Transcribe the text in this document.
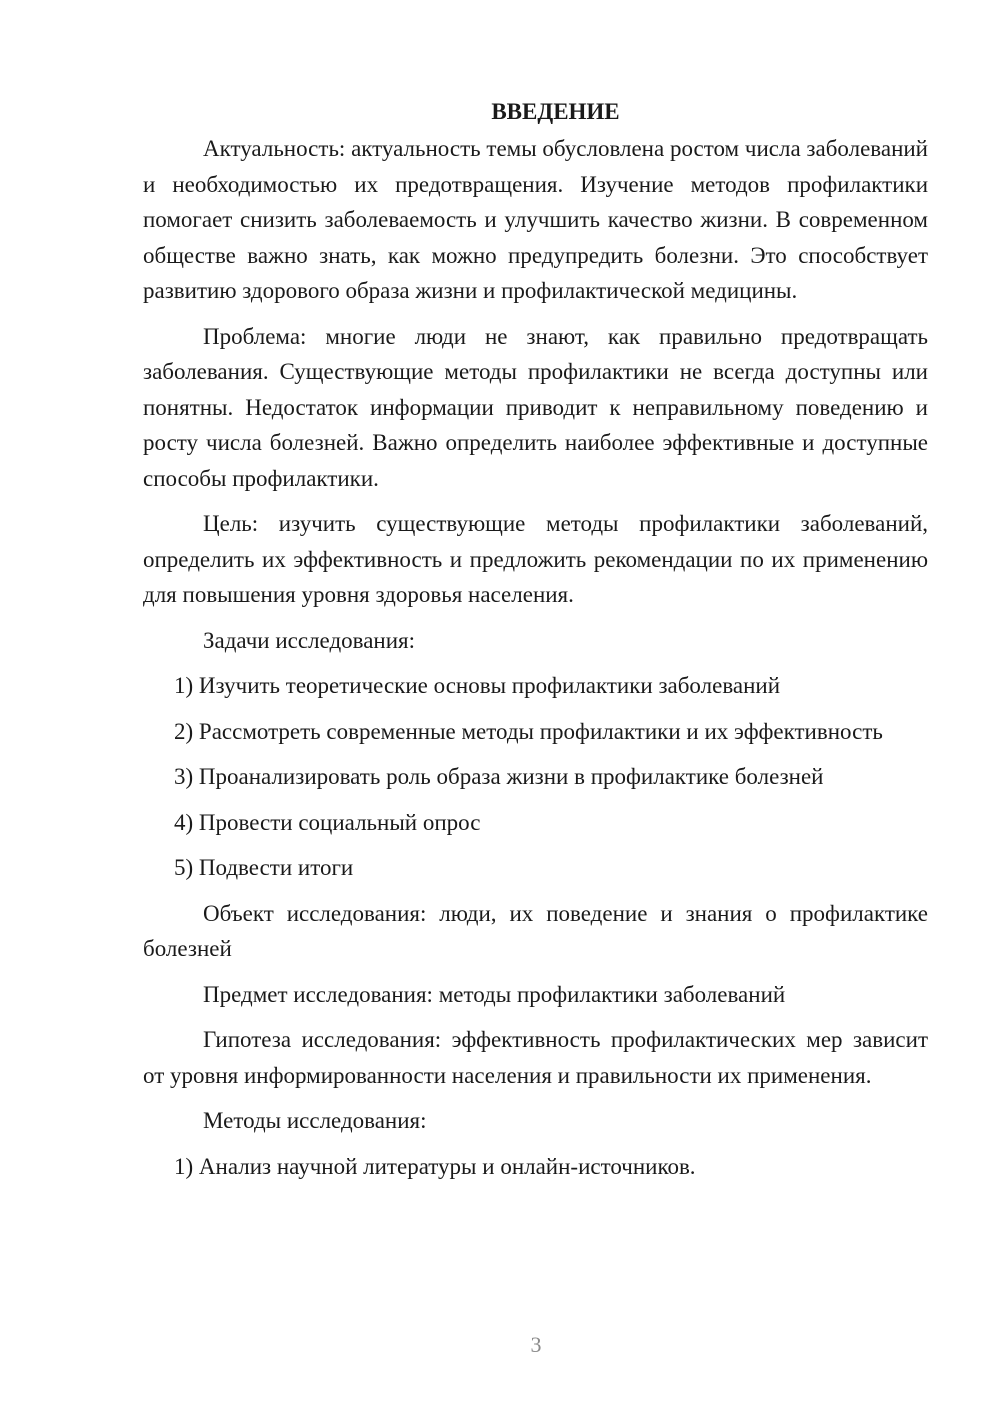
ВВЕДЕНИЕ

Актуальность: актуальность темы обусловлена ростом числа заболеваний и необходимостью их предотвращения. Изучение методов профилактики помогает снизить заболеваемость и улучшить качество жизни. В современном обществе важно знать, как можно предупредить болезни. Это способствует развитию здорового образа жизни и профилактической медицины.

Проблема: многие люди не знают, как правильно предотвращать заболевания. Существующие методы профилактики не всегда доступны или понятны. Недостаток информации приводит к неправильному поведению и росту числа болезней. Важно определить наиболее эффективные и доступные способы профилактики.

Цель: изучить существующие методы профилактики заболеваний, определить их эффективность и предложить рекомендации по их применению для повышения уровня здоровья населения.

Задачи исследования:

1) Изучить теоретические основы профилактики заболеваний

2) Рассмотреть современные методы профилактики и их эффективность

3) Проанализировать роль образа жизни в профилактике болезней

4) Провести социальный опрос

5) Подвести итоги

Объект исследования: люди, их поведение и знания о профилактике болезней

Предмет исследования: методы профилактики заболеваний

Гипотеза исследования: эффективность профилактических мер зависит от уровня информированности населения и правильности их применения.

Методы исследования:

1) Анализ научной литературы и онлайн-источников.

3
